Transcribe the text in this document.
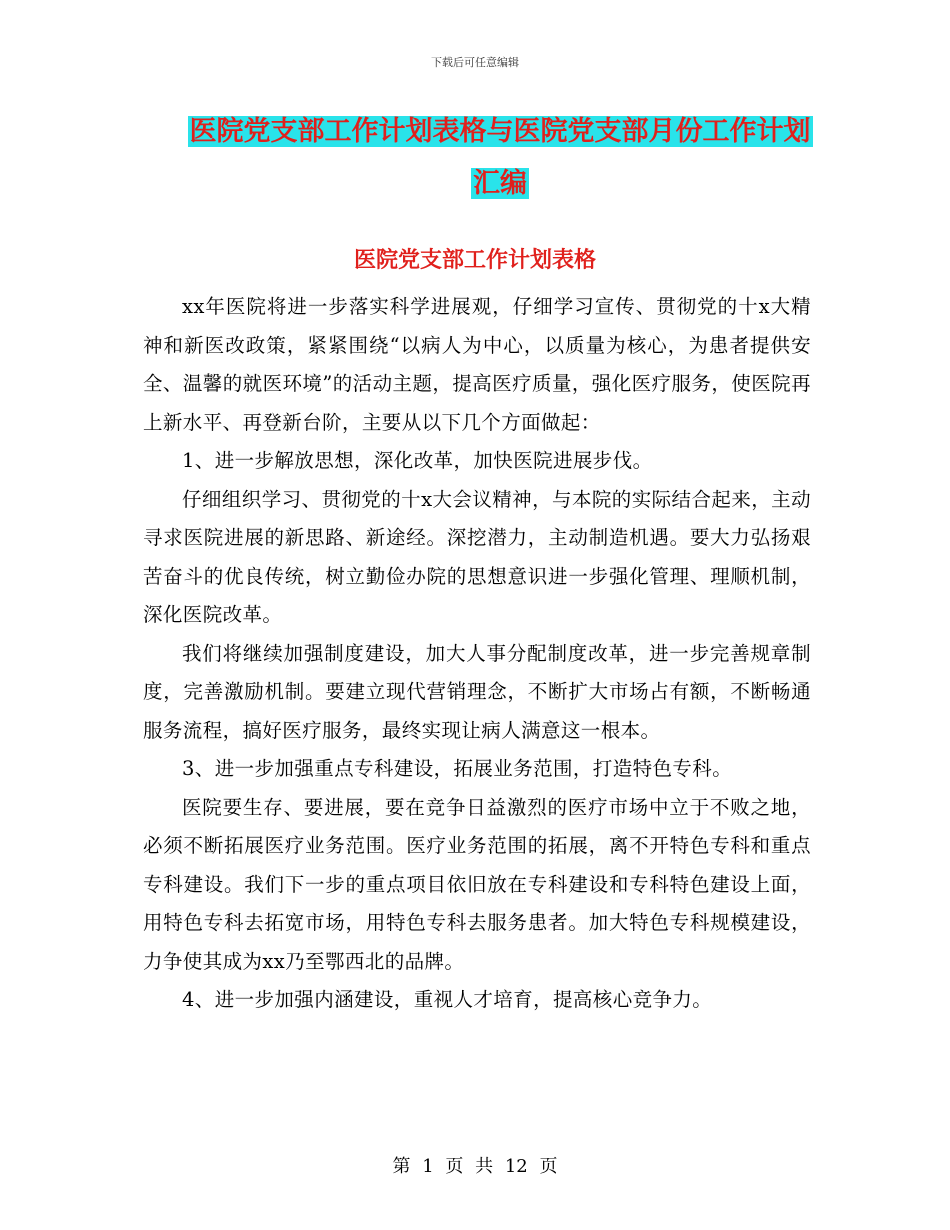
下载后可任意编辑
医院党支部工作计划表格与医院党支部月份工作计划
汇编
医院党支部工作计划表格

xx年医院将进一步落实科学进展观，仔细学习宣传、贯彻党的十x大精神和新医改政策，紧紧围绕“以病人为中心，以质量为核心，为患者提供安全、温馨的就医环境”的活动主题，提高医疗质量，强化医疗服务，使医院再上新水平、再登新台阶，主要从以下几个方面做起：

1、进一步解放思想，深化改革，加快医院进展步伐。

仔细组织学习、贯彻党的十x大会议精神，与本院的实际结合起来，主动寻求医院进展的新思路、新途经。深挖潜力，主动制造机遇。要大力弘扬艰苦奋斗的优良传统，树立勤俭办院的思想意识进一步强化管理、理顺机制，深化医院改革。

我们将继续加强制度建设，加大人事分配制度改革，进一步完善规章制度，完善激励机制。要建立现代营销理念，不断扩大市场占有额，不断畅通服务流程，搞好医疗服务，最终实现让病人满意这一根本。

3、进一步加强重点专科建设，拓展业务范围，打造特色专科。

医院要生存、要进展，要在竞争日益激烈的医疗市场中立于不败之地，必须不断拓展医疗业务范围。医疗业务范围的拓展，离不开特色专科和重点专科建设。我们下一步的重点项目依旧放在专科建设和专科特色建设上面，用特色专科去拓宽市场，用特色专科去服务患者。加大特色专科规模建设，力争使其成为xx乃至鄂西北的品牌。

4、进一步加强内涵建设，重视人才培育，提高核心竞争力。

第 1 页 共 12 页
